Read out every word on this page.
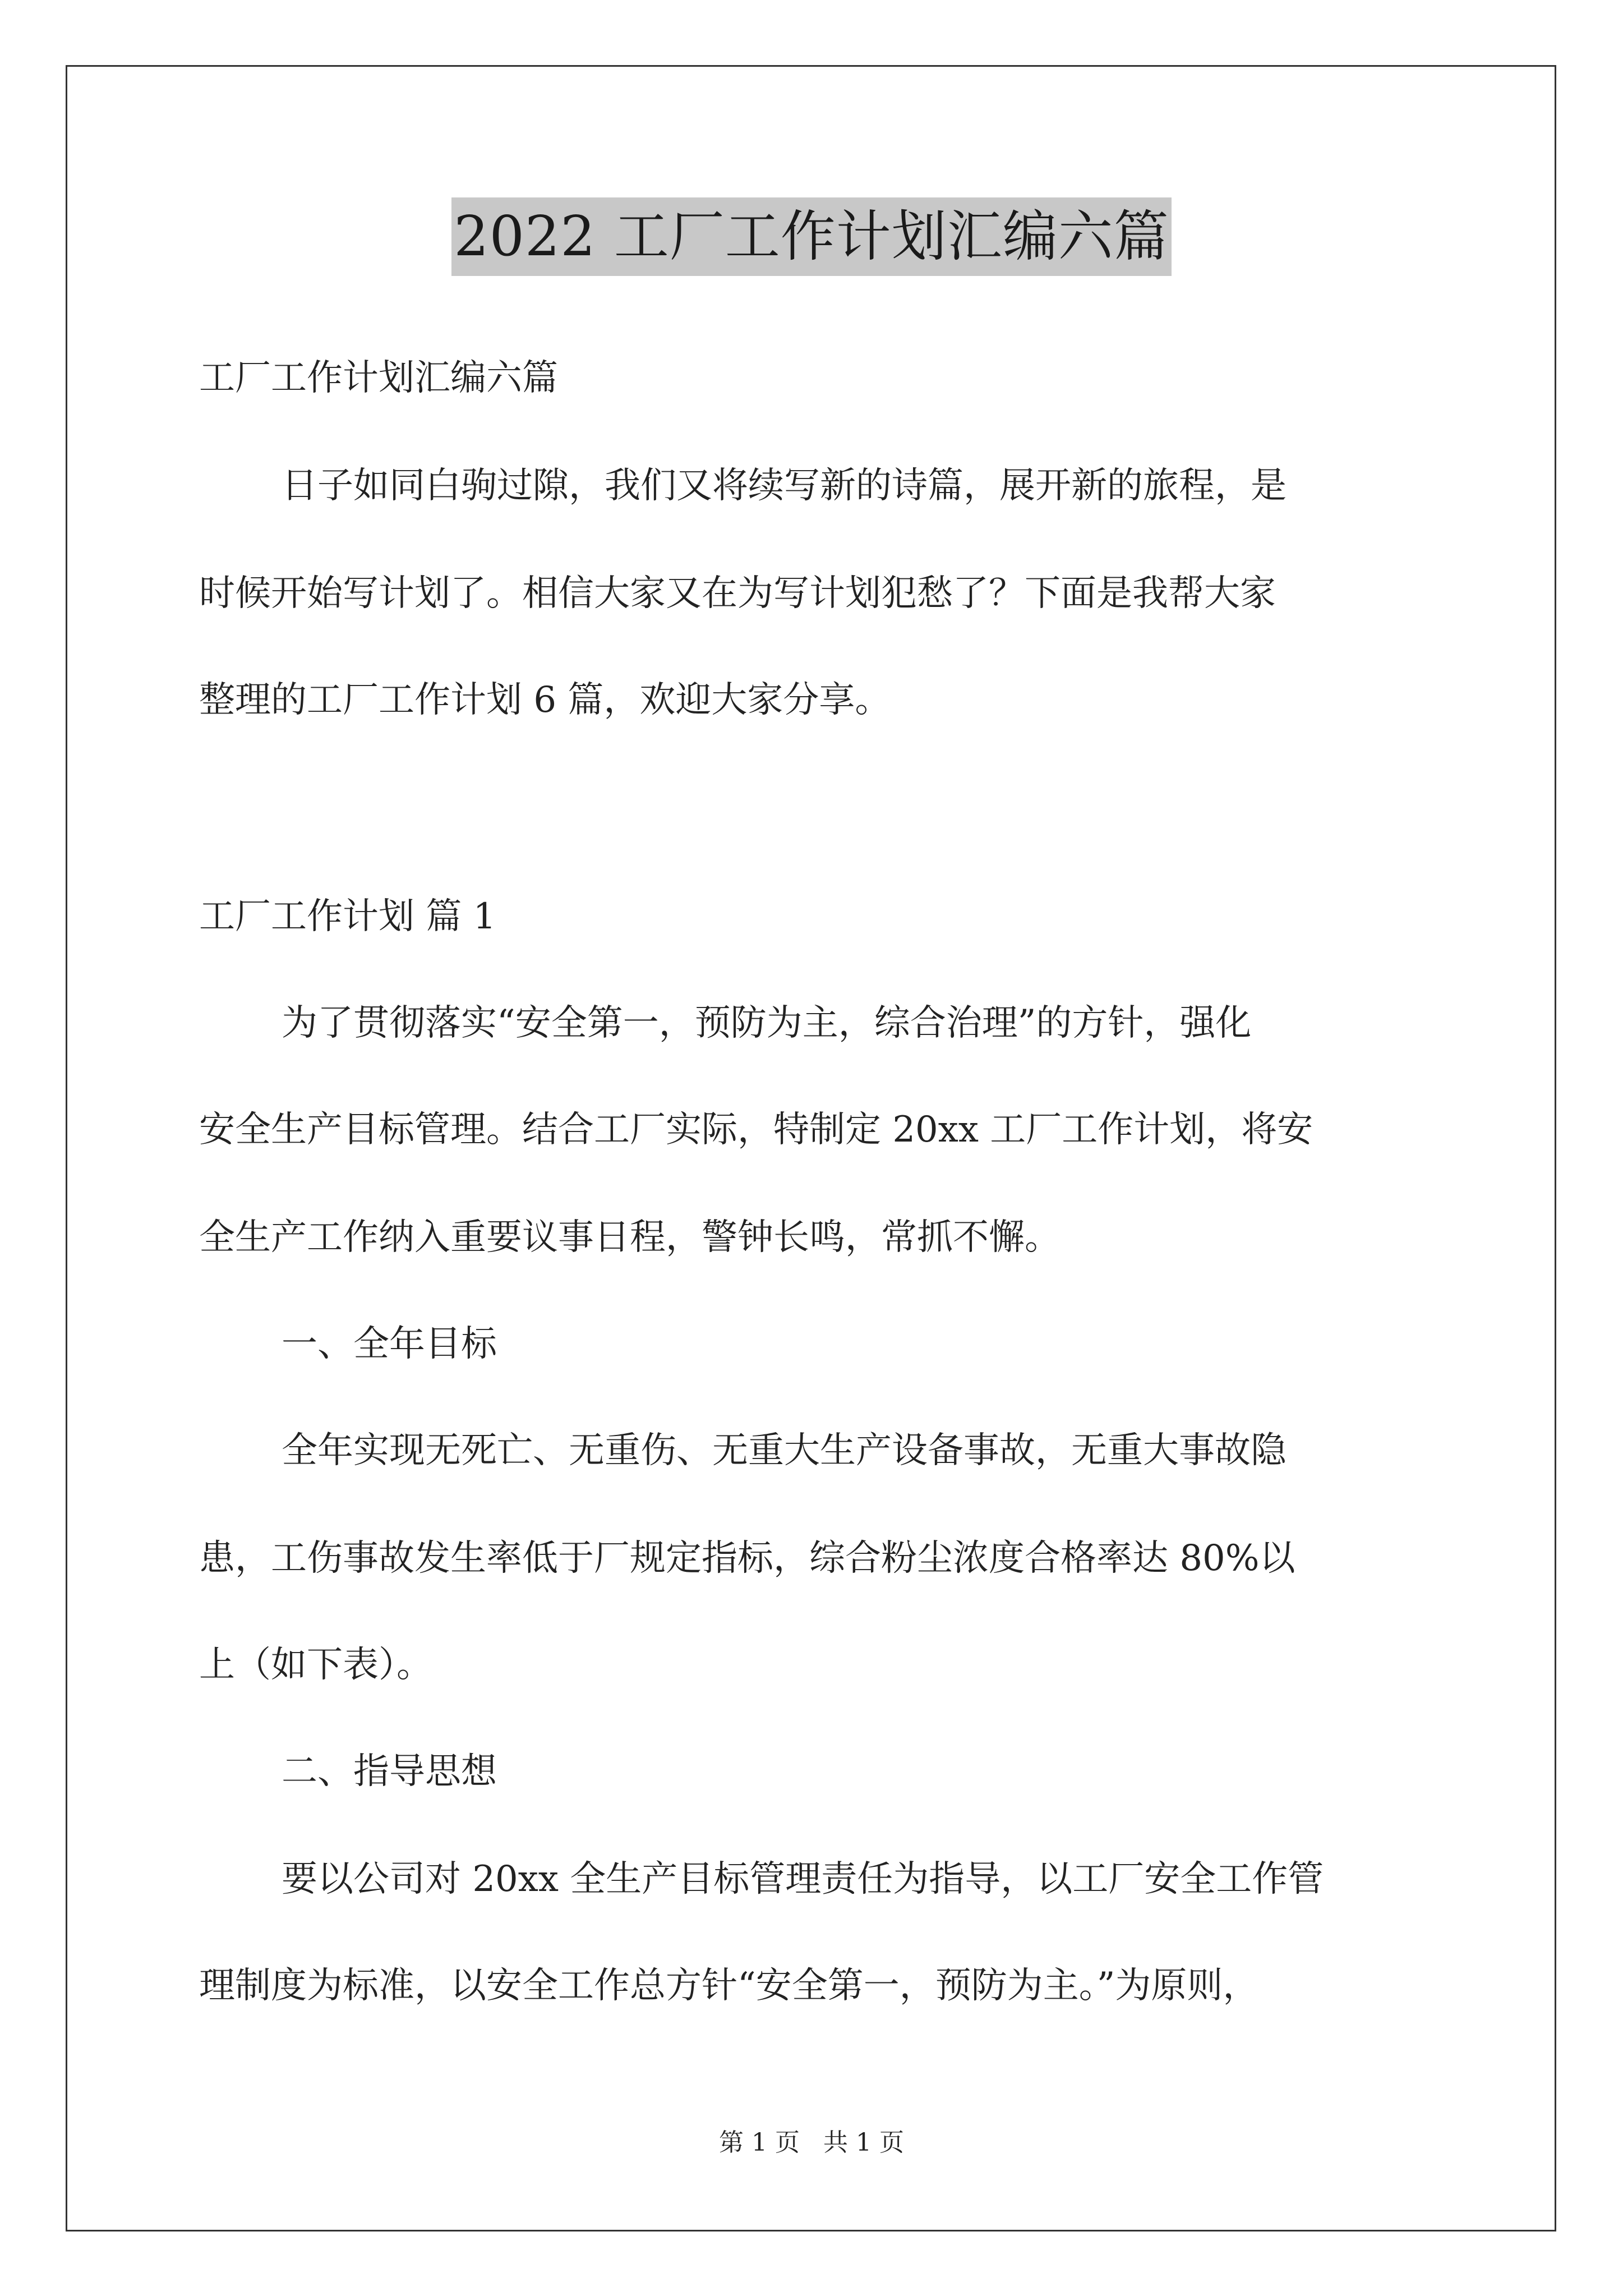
2022 工厂工作计划汇编六篇
工厂工作计划汇编六篇
日子如同白驹过隙，我们又将续写新的诗篇，展开新的旅程，是
时候开始写计划了。相信大家又在为写计划犯愁了？下面是我帮大家
整理的工厂工作计划 6 篇，欢迎大家分享。
工厂工作计划 篇 1
为了贯彻落实“安全第一，预防为主，综合治理”的方针，强化
安全生产目标管理。结合工厂实际，特制定 20xx 工厂工作计划，将安
全生产工作纳入重要议事日程，警钟长鸣，常抓不懈。
一、全年目标
全年实现无死亡、无重伤、无重大生产设备事故，无重大事故隐
患，工伤事故发生率低于厂规定指标，综合粉尘浓度合格率达 80%以
上（如下表）。
二、指导思想
要以公司对 20xx 全生产目标管理责任为指导，以工厂安全工作管
理制度为标准，以安全工作总方针“安全第一，预防为主。”为原则，
第 1 页   共 1 页
